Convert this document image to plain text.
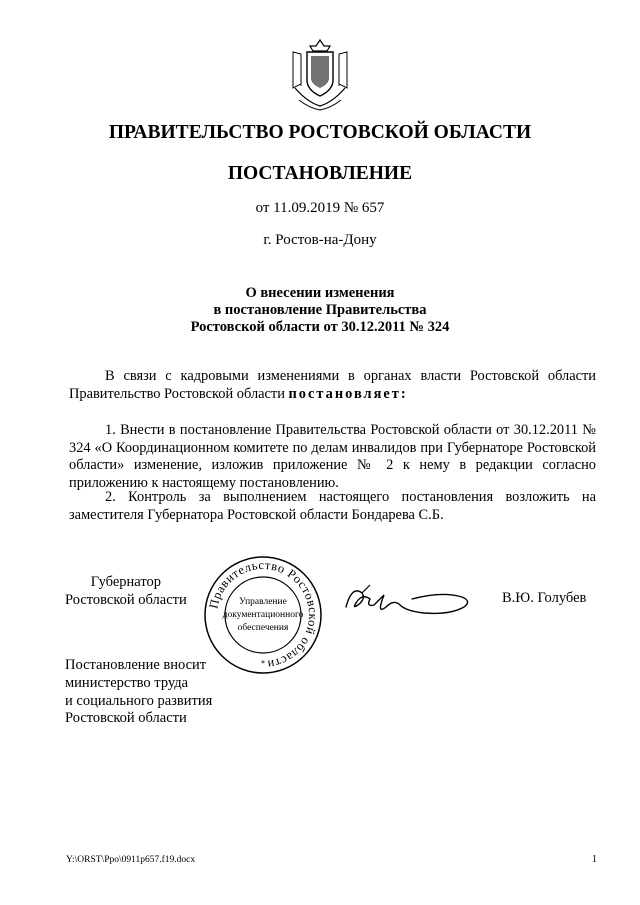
ПРАВИТЕЛЬСТВО РОСТОВСКОЙ ОБЛАСТИ
ПОСТАНОВЛЕНИЕ
от 11.09.2019 № 657
г. Ростов-на-Дону
О внесении изменения
в постановление Правительства
Ростовской области от 30.12.2011 № 324
В связи с кадровыми изменениями в органах власти Ростовской области Правительство Ростовской области постановляет:
1. Внести в постановление Правительства Ростовской области от 30.12.2011 № 324 «О Координационном комитете по делам инвалидов при Губернаторе Ростовской области» изменение, изложив приложение № 2 к нему в редакции согласно приложению к настоящему постановлению.
2. Контроль за выполнением настоящего постановления возложить на заместителя Губернатора Ростовской области Бондарева С.Б.
Губернатор
Ростовской области Правительство Ростовской области
Управление
документационного
обеспечения
*
В.Ю. Голубев
Постановление вносит
министерство труда
и социального развития
Ростовской области
Y:\ORST\Ppo\0911p657.f19.docx	1
